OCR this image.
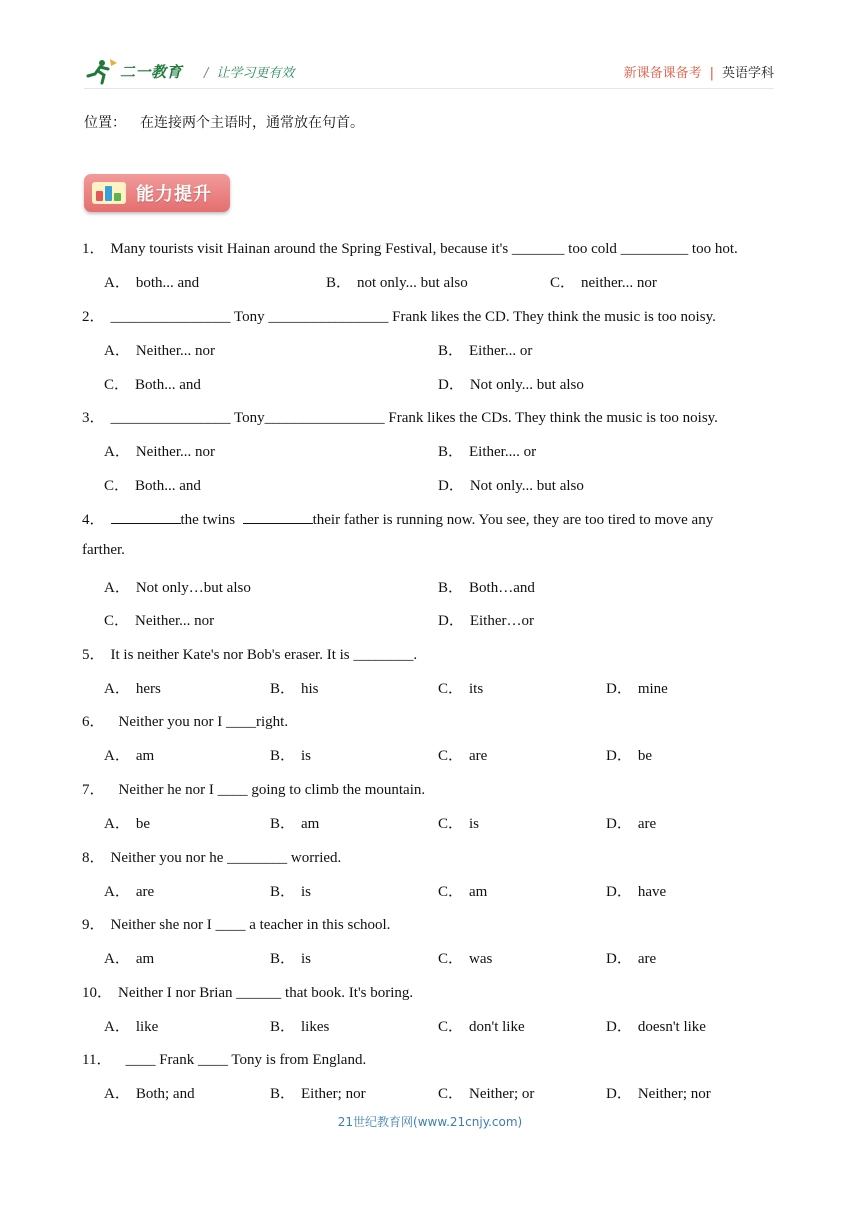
二一教育 / 让学习更有效	新课备课备考 | 英语学科
位置： 在连接两个主语时，通常放在句首。
能力提升
1． Many tourists visit Hainan around the Spring Festival, because it's _______ too cold _________ too hot.
A． both... and	B． not only... but also	C． neither... nor
2． ________________ Tony ________________ Frank likes the CD. They think the music is too noisy.
A． Neither... nor	B． Either... or
C． Both... and	D． Not only... but also
3． ________________ Tony________________ Frank likes the CDs. They think the music is too noisy.
A． Neither... nor	B． Either.... or
C． Both... and	D． Not only... but also
4．	the twins	their father is running now. You see, they are too tired to move any
farther.
A． Not only…but also	B． Both…and
C． Neither... nor	D． Either…or
5． It is neither Kate's nor Bob's eraser. It is ________.
A． hers	B． his	C． its	D． mine
6． Neither you nor I ____right.
A． am	B． is	C． are	D． be
7． Neither he nor I ____ going to climb the mountain.
A． be	B． am	C． is	D． are
8． Neither you nor he ________ worried.
A． are	B． is	C． am	D． have
9． Neither she nor I ____ a teacher in this school.
A． am	B． is	C． was	D． are
10． Neither I nor Brian ______ that book. It's boring.
A． like	B． likes	C． don't like	D． doesn't like
11． ____ Frank ____ Tony is from England.
A． Both; and	B． Either; nor	C． Neither; or	D． Neither; nor
21世纪教育网(www.21cnjy.com)
